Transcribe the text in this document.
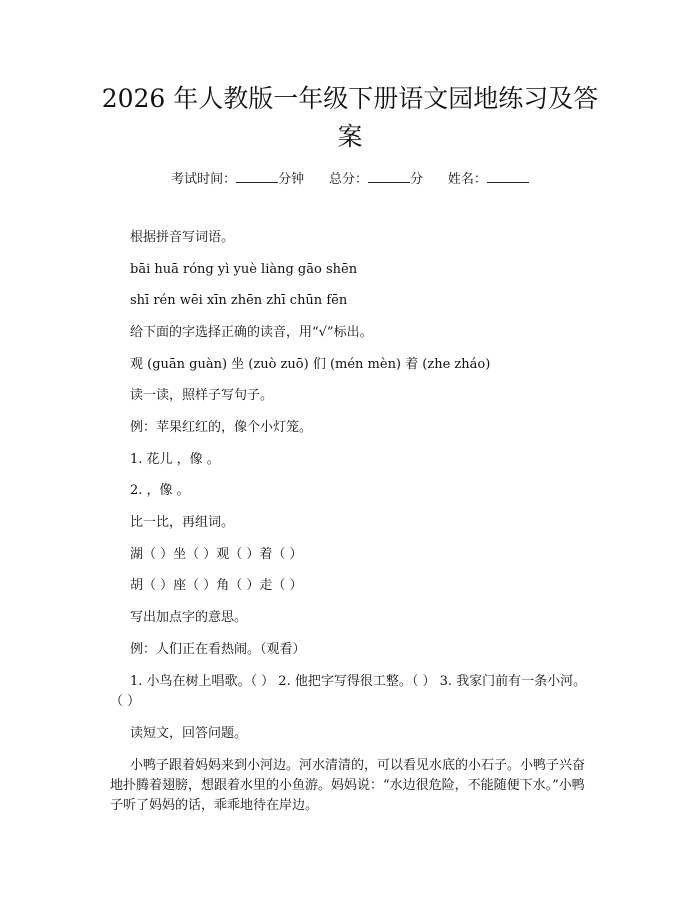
2026 年人教版一年级下册语文园地练习及答案
考试时间：	分钟 总分：	分 姓名：
根据拼音写词语。
bāi huā róng yì yuè liàng gāo shēn
shī rén wēi xīn zhēn zhī chūn fēn
给下面的字选择正确的读音，用“√”标出。
观 (guān guàn) 坐 (zuò zuō) 们 (mén mèn) 着 (zhe zháo)
读一读，照样子写句子。
例：苹果红红的，像个小灯笼。
1. 花儿 ，像 。
2. ，像 。
比一比，再组词。
湖（ ）坐（ ）观（ ）着（ ）
胡（ ）座（ ）角（ ）走（ ）
写出加点字的意思。
例：人们正在看热闹。（观看）
1. 小鸟在树上唱歌。（ ） 2. 他把字写得很工整。（ ） 3. 我家门前有一条小河。（ ）
读短文，回答问题。
小鸭子跟着妈妈来到小河边。河水清清的，可以看见水底的小石子。小鸭子兴奋地扑腾着翅膀，想跟着水里的小鱼游。妈妈说：“水边很危险，不能随便下水。”小鸭子听了妈妈的话，乖乖地待在岸边。
